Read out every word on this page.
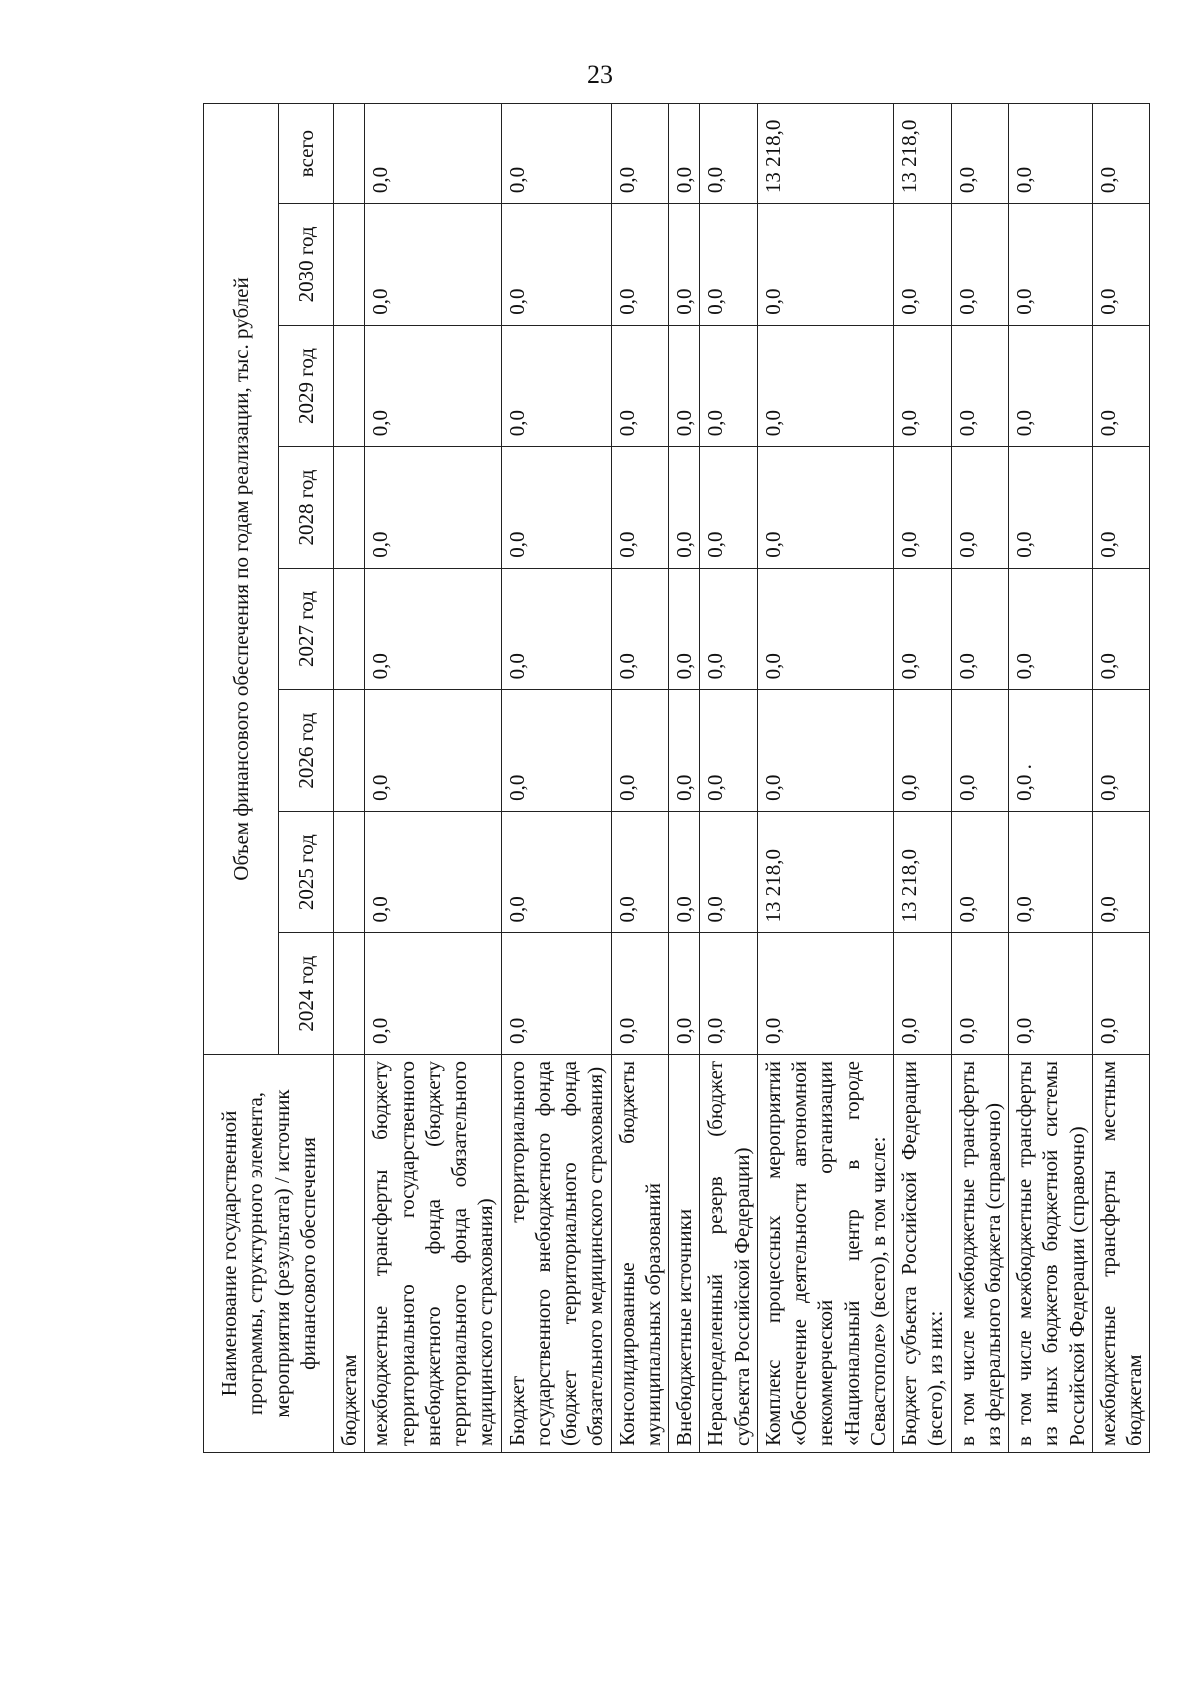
23
Наименование государственной программы, структурного элемента, мероприятия (результата) / источник финансового обеспечения	Объем финансового обеспечения по годам реализации, тыс. рублей							
	2024 год	2025 год	2026 год	2027 год	2028 год	2029 год	2030 год	всего
бюджетам								
межбюджетные трансферты бюджету территориального государственного внебюджетного фонда (бюджету территориального фонда обязательного медицинского страхования)	0,0	0,0	0,0	0,0	0,0	0,0	0,0	0,0
Бюджет территориального государственного внебюджетного фонда (бюджет территориального фонда обязательного медицинского страхования)	0,0	0,0	0,0	0,0	0,0	0,0	0,0	0,0
Консолидированные бюджеты муниципальных образований	0,0	0,0	0,0	0,0	0,0	0,0	0,0	0,0
Внебюджетные источники	0,0	0,0	0,0	0,0	0,0	0,0	0,0	0,0
Нераспределенный резерв (бюджет субъекта Российской Федерации)	0,0	0,0	0,0	0,0	0,0	0,0	0,0	0,0
Комплекс процессных мероприятий «Обеспечение деятельности автономной некоммерческой организации «Национальный центр в городе Севастополе» (всего), в том числе:	0,0	13 218,0	0,0	0,0	0,0	0,0	0,0	13 218,0
Бюджет субъекта Российской Федерации (всего), из них:	0,0	13 218,0	0,0	0,0	0,0	0,0	0,0	13 218,0
в том числе межбюджетные трансферты из федерального бюджета (справочно)	0,0	0,0	0,0	0,0	0,0	0,0	0,0	0,0
в том числе межбюджетные трансферты из иных бюджетов бюджетной системы Российской Федерации (справочно)	0,0	0,0	0,0 .	0,0	0,0	0,0	0,0	0,0
межбюджетные трансферты местным бюджетам	0,0	0,0	0,0	0,0	0,0	0,0	0,0	0,0
